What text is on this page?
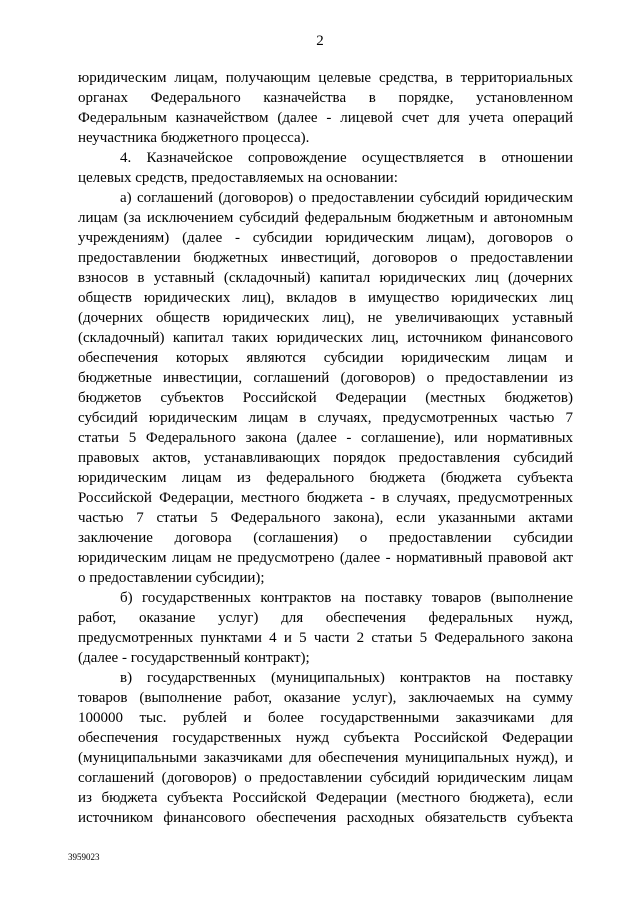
2
юридическим лицам, получающим целевые средства, в территориальных
органах Федерального казначейства в порядке, установленном
Федеральным казначейством (далее - лицевой счет для учета операций
неучастника бюджетного процесса).
4. Казначейское сопровождение осуществляется в отношении
целевых средств, предоставляемых на основании:
а) соглашений (договоров) о предоставлении субсидий юридическим
лицам (за исключением субсидий федеральным бюджетным и автономным
учреждениям) (далее - субсидии юридическим лицам), договоров о
предоставлении бюджетных инвестиций, договоров о предоставлении
взносов в уставный (складочный) капитал юридических лиц (дочерних
обществ юридических лиц), вкладов в имущество юридических лиц
(дочерних обществ юридических лиц), не увеличивающих уставный
(складочный) капитал таких юридических лиц, источником финансового
обеспечения которых являются субсидии юридическим лицам и
бюджетные инвестиции, соглашений (договоров) о предоставлении из
бюджетов субъектов Российской Федерации (местных бюджетов)
субсидий юридическим лицам в случаях, предусмотренных частью 7
статьи 5 Федерального закона (далее - соглашение), или нормативных
правовых актов, устанавливающих порядок предоставления субсидий
юридическим лицам из федерального бюджета (бюджета субъекта
Российской Федерации, местного бюджета - в случаях, предусмотренных
частью 7 статьи 5 Федерального закона), если указанными актами
заключение договора (соглашения) о предоставлении субсидии
юридическим лицам не предусмотрено (далее - нормативный правовой акт
о предоставлении субсидии);
б) государственных контрактов на поставку товаров (выполнение
работ, оказание услуг) для обеспечения федеральных нужд,
предусмотренных пунктами 4 и 5 части 2 статьи 5 Федерального закона
(далее - государственный контракт);
в) государственных (муниципальных) контрактов на поставку
товаров (выполнение работ, оказание услуг), заключаемых на сумму
100000 тыс. рублей и более государственными заказчиками для
обеспечения государственных нужд субъекта Российской Федерации
(муниципальными заказчиками для обеспечения муниципальных нужд), и
соглашений (договоров) о предоставлении субсидий юридическим лицам
из бюджета субъекта Российской Федерации (местного бюджета), если
источником финансового обеспечения расходных обязательств субъекта
3959023
